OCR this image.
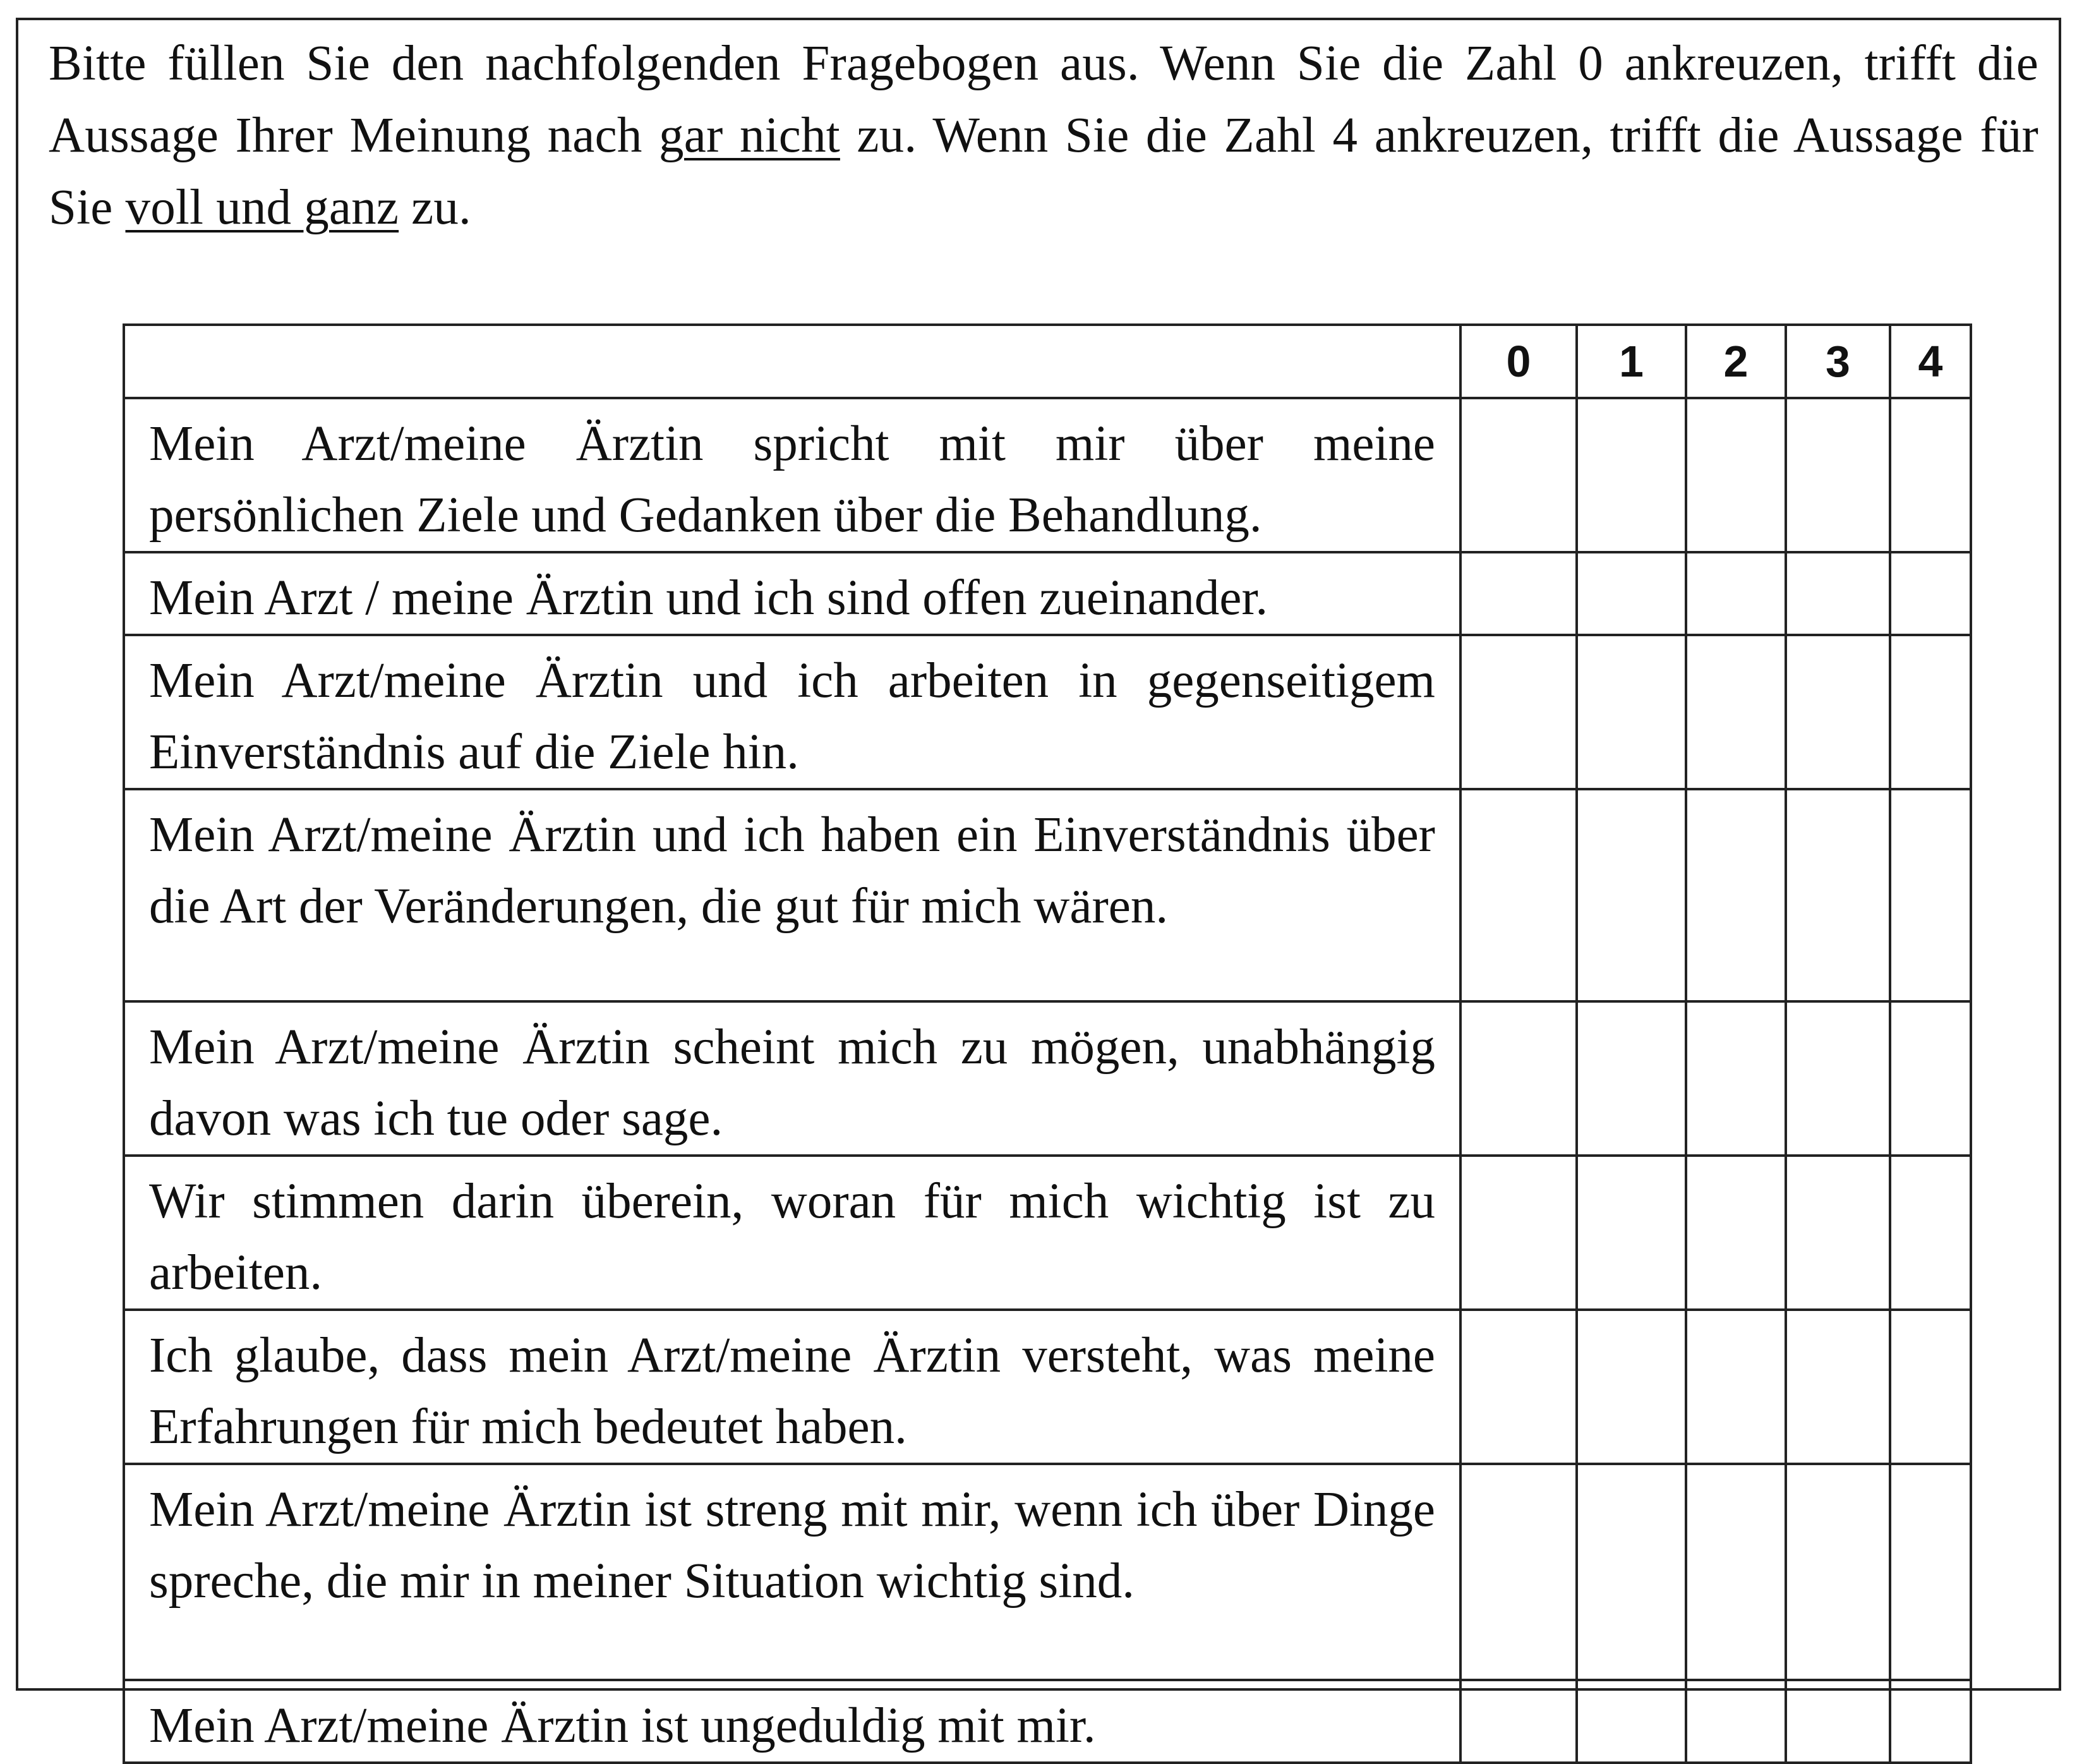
Bitte füllen Sie den nachfolgenden Fragebogen aus. Wenn Sie die Zahl 0 ankreuzen, trifft die Aussage Ihrer Meinung nach gar nicht zu. Wenn Sie die Zahl 4 ankreuzen, trifft die Aussage für Sie voll und ganz zu.

	0	1	2	3	4
Mein Arzt/meine Ärztin spricht mit mir über meine persönlichen Ziele und Gedanken über die Behandlung.					
Mein Arzt / meine Ärztin und ich sind offen zueinander.					
Mein Arzt/meine Ärztin und ich arbeiten in gegenseitigem Einverständnis auf die Ziele hin.					
Mein Arzt/meine Ärztin und ich haben ein Einverständnis über die Art der Veränderungen, die gut für mich wären.					
Mein Arzt/meine Ärztin scheint mich zu mögen, unabhängig davon was ich tue oder sage.					
Wir stimmen darin überein, woran für mich wichtig ist zu arbeiten.					
Ich glaube, dass mein Arzt/meine Ärztin versteht, was meine Erfahrungen für mich bedeutet haben.					
Mein Arzt/meine Ärztin ist streng mit mir, wenn ich über Dinge spreche, die mir in meiner Situation wichtig sind.					
Mein Arzt/meine Ärztin ist ungeduldig mit mir.					
